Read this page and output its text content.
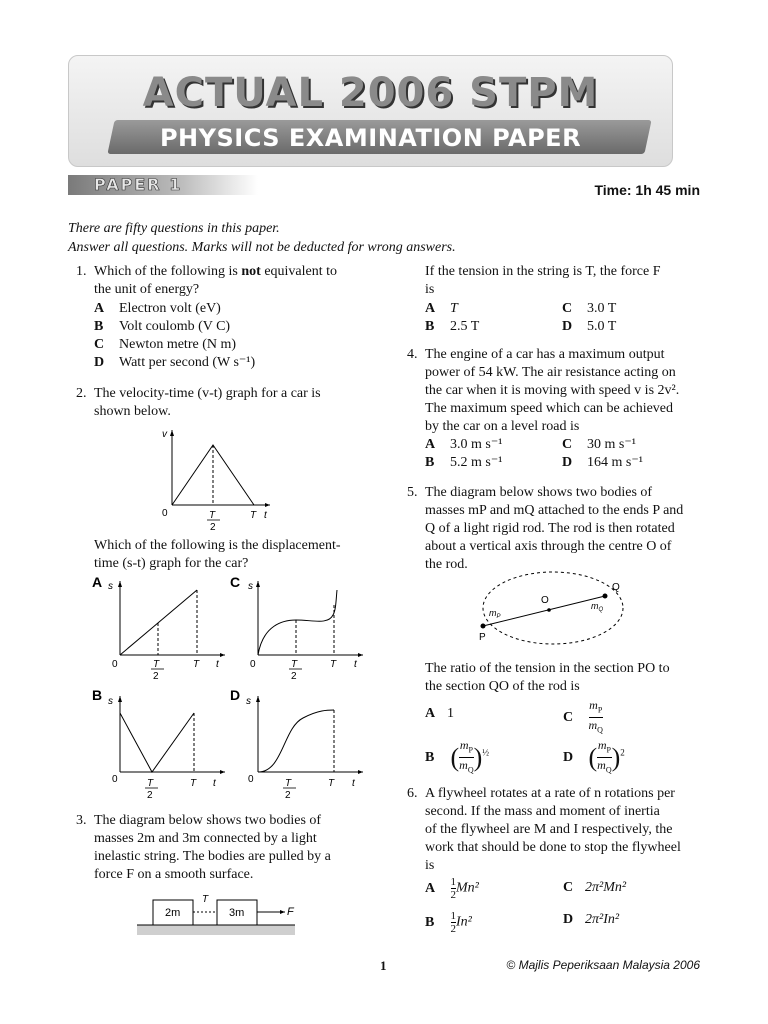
ACTUAL 2006 STPM
PHYSICS EXAMINATION PAPER
PAPER 1	Time: 1h 45 min
There are fifty questions in this paper.
Answer all questions. Marks will not be deducted for wrong answers.
1. Which of the following is not equivalent to
the unit of energy?
A Electron volt (eV)
B Volt coulomb (V C)
C Newton metre (N m)
D Watt per second (W s⁻¹)
2. The velocity-time (v-t) graph for a car is
shown below.
v
0	T
2
T t
Which of the following is the displacement-
time (s-t) graph for the car?
A s
0	T
2
T t
C s
0	T
2
T t
B s
0	T
2
T t
D s
0	T
2
T t
3. The diagram below shows two bodies of
masses 2m and 3m connected by a light
inelastic string. The bodies are pulled by a
force F on a smooth surface.
2m	3m
T
F
If the tension in the string is T, the force F
is
A T
B 2.5 T
C 3.0 T
D 5.0 T
4. The engine of a car has a maximum output
power of 54 kW. The air resistance acting on
the car when it is moving with speed v is 2v².
The maximum speed which can be achieved
by the car on a level road is
A 3.0 m s⁻¹
B 5.2 m s⁻¹
C 30 m s⁻¹
D 164 m s⁻¹
5. The diagram below shows two bodies of
masses mP and mQ attached to the ends P and
Q of a light rigid rod. The rod is then rotated
about a vertical axis through the centre O of
the rod.
O
Q
P
$m_P$
$m_Q$
The ratio of the tension in the section PO to
the section QO of the rod is
A 1	C $m_P$

$m_Q$
B ($m_P$

$m_Q$ )$^{\frac{1}{2}}$	D ($m_P$

$m_Q$ )$^2$
6. A flywheel rotates at a rate of n rotations per
second. If the mass and moment of inertia
of the flywheel are M and I respectively, the
work that should be done to stop the flywheel
is
A 1

2 Mn²	C 2π²Mn²
B 1

2 In²	D 2π²In²
1	© Majlis Peperiksaan Malaysia 2006
